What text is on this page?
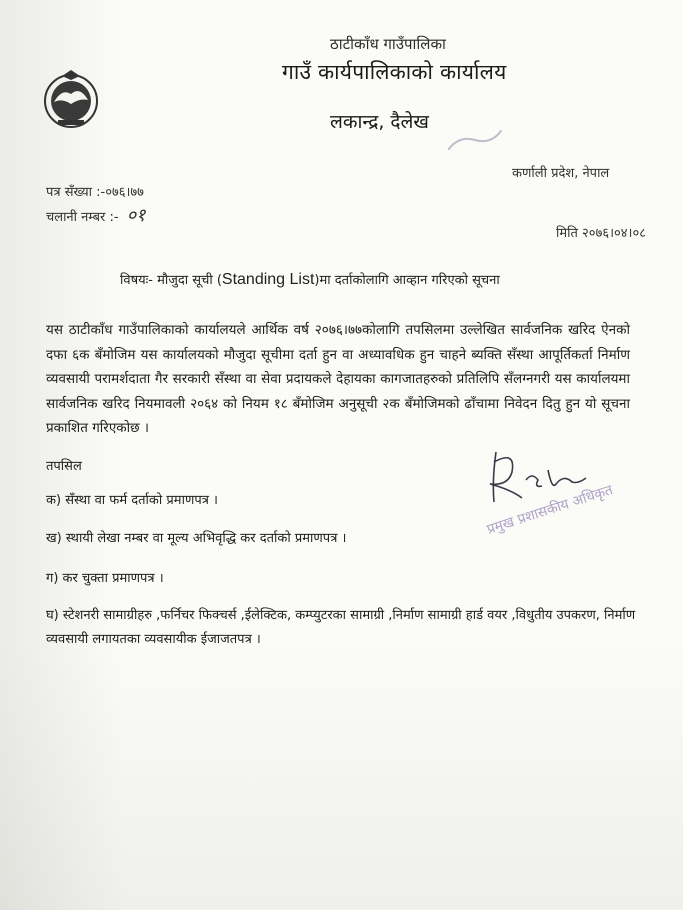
ठाटीकाँध गाउँपालिका
गाउँ कार्यपालिकाको कार्यालय
लकान्द्र, दैलेख
कर्णाली प्रदेश, नेपाल
पत्र सँख्या :-०७६।७७
चलानी नम्बर :- ०१
मिति २०७६।०४।०८
विषयः- मौजुदा सूची (Standing List)मा दर्ताकोलागि आव्हान गरिएको सूचना
यस ठाटीकाँध गाउँपालिकाको कार्यालयले आर्थिक वर्ष २०७६।७७कोलागि तपसिलमा उल्लेखित सार्वजनिक खरिद ऐनको दफा ६क बँमोजिम यस कार्यालयको मौजुदा सूचीमा दर्ता हुन वा अध्यावधिक हुन चाहने ब्यक्ति सँस्था आपूर्तिकर्ता निर्माण व्यवसायी परामर्शदाता गैर सरकारी सँस्था वा सेवा प्रदायकले देहायका कागजातहरुको प्रतिलिपि सँलग्नगरी यस कार्यालयमा सार्वजनिक खरिद नियमावली २०६४ को नियम १८ बँमोजिम अनुसूची २क बँमोजिमको ढाँचामा निवेदन दितु हुन यो सूचना प्रकाशित गरिएकोछ ।
तपसिल
क) सँस्था वा फर्म दर्ताको प्रमाणपत्र ।
ख) स्थायी लेखा नम्बर वा मूल्य अभिवृद्धि कर दर्ताको प्रमाणपत्र ।
ग) कर चुक्ता प्रमाणपत्र ।
घ) स्टेशनरी सामाग्रीहरु ,फर्निचर फिक्चर्स ,ईलेक्टिक, कम्प्युटरका सामाग्री ,निर्माण सामाग्री हार्ड वयर ,विधुतीय उपकरण, निर्माण व्यवसायी लगायतका व्यवसायीक ईजाजतपत्र ।
प्रमुख प्रशासकीय अधिकृत
